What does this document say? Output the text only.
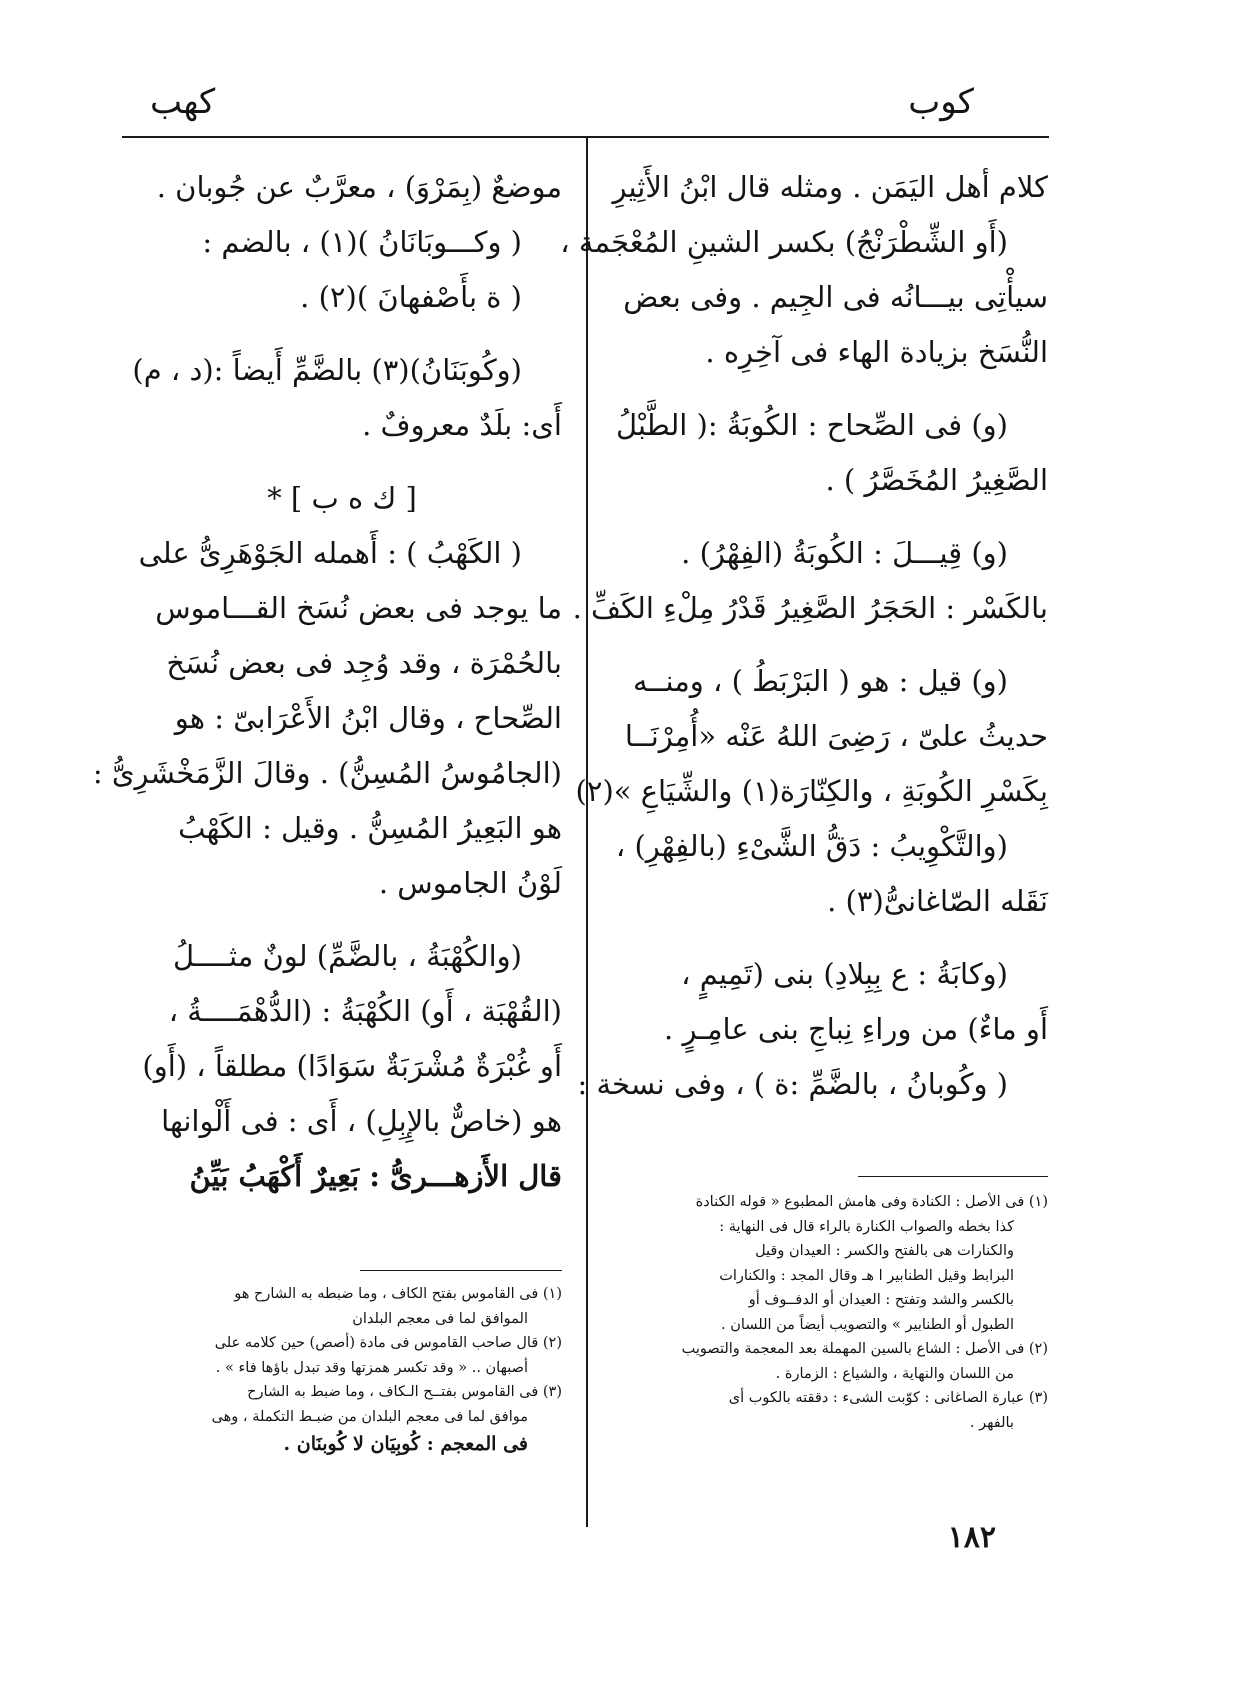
كوب
كهب
كلام أهل اليَمَن . ومثله قال ابْنُ الأَثِيرِ
(أَو الشِّطْرَنْجُ) بكسر الشينِ المُعْجَمة ،
سيأْتِى بيـــانُه فى الجِيم . وفى بعض
النُّسَخ بزيادة الهاء فى آخِرِه .
(و) فى الصِّحاح : الكُوبَةُ :( الطَّبْلُ
الصَّغِيرُ المُخَصَّرُ ) .
(و) قِيـــلَ : الكُوبَةُ (الفِهْرُ) .
بالكَسْر : الحَجَرُ الصَّغِيرُ قَدْرُ مِلْءِ الكَفِّ .
(و) قيل : هو ( البَرْبَطُ ) ، ومنــه
حديثُ علىّ ، رَضِىَ اللهُ عَنْه «أُمِرْنَــا
بِكَسْرِ الكُوبَةِ ، والكِنّارَة(١) والشِّيَاعِ »(٢)
(والتَّكْوِيبُ : دَقُّ الشَّىْءِ (بالفِهْرِ) ،
نَقَله الصّاغانىُّ(٣) .
(وكابَةُ : ع بِبِلادِ) بنى (تَمِيمٍ ،
أَو ماءٌ) من وراءِ نِباجِ بنى عامِـرٍ .
( وكُوبانُ ، بالضَّمِّ :ة ) ، وفى نسخة :
موضعٌ (بِمَرْوَ) ، معرَّبٌ عن جُوبان .
( وكـــوبَانَانُ )(١) ، بالضم :
( ة بأَصْفهانَ )(٢) .
(وكُوبَنَانُ)(٣) بالضَّمِّ أَيضاً :(د ، م)
أَى: بلَدٌ معروفٌ .
[ ك ه ب ] *
( الكَهْبُ ) : أَهمله الجَوْهَرِىُّ على
ما يوجد فى بعض نُسَخ القـــاموس
بالحُمْرَة ، وقد وُجِد فى بعض نُسَخ
الصِّحاح ، وقال ابْنُ الأَعْرَابىّ : هو
(الجامُوسُ المُسِنُّ) . وقالَ الزَّمَخْشَرِىُّ :
هو البَعِيرُ المُسِنُّ . وقيل : الكَهْبُ
لَوْنُ الجاموس .
(والكُهْبَةُ ، بالضَّمِّ) لونٌ مثــــلُ
(القُهْبَة ، أَو) الكُهْبَةُ : (الدُّهْمَــــةُ ،
أَو غُبْرَةٌ مُشْرَبَةٌ سَوَادًا) مطلقاً ، (أَو)
هو (خاصٌّ بالإِبِلِ) ، أَى : فى أَلْوانها
قال الأَزهـــرىُّ : بَعِيرٌ أَكْهَبُ بَيِّنُ
(١) فى الأصل : الكنادة وفى هامش المطبوع « قوله الكنادة
كذا بخطه والصواب الكنارة بالراء قال فى النهاية :
والكنارات هى بالفتح والكسر : العيدان وقيل
البرابط وقيل الطنابير ا هـ وقال المجد : والكنارات
بالكسر والشد وتفتح : العيدان أو الدفــوف أو
الطبول أو الطنابير » والتصويب أيضاً من اللسان .
(٢) فى الأصل : الشاع بالسين المهملة بعد المعجمة والتصويب
من اللسان والنهاية ، والشياع : الزمارة .
(٣) عبارة الصاغانى : كوّبت الشىء : دققته بالكوب أى
بالفهر .
(١) فى القاموس بفتح الكاف ، وما ضبطه به الشارح هو
الموافق لما فى معجم البلدان
(٢) قال صاحب القاموس فى مادة (أصص) حين كلامه على
أصبهان .. « وقد تكسر همزتها وقد تبدل باؤها فاء » .
(٣) فى القاموس بفتــح الـكاف ، وما ضبط به الشارح
موافق لما فى معجم البلدان من ضبـط التكملة ، وهى
فى المعجم : كُوبِيَان لا كُوبنَان .
١٨٢
